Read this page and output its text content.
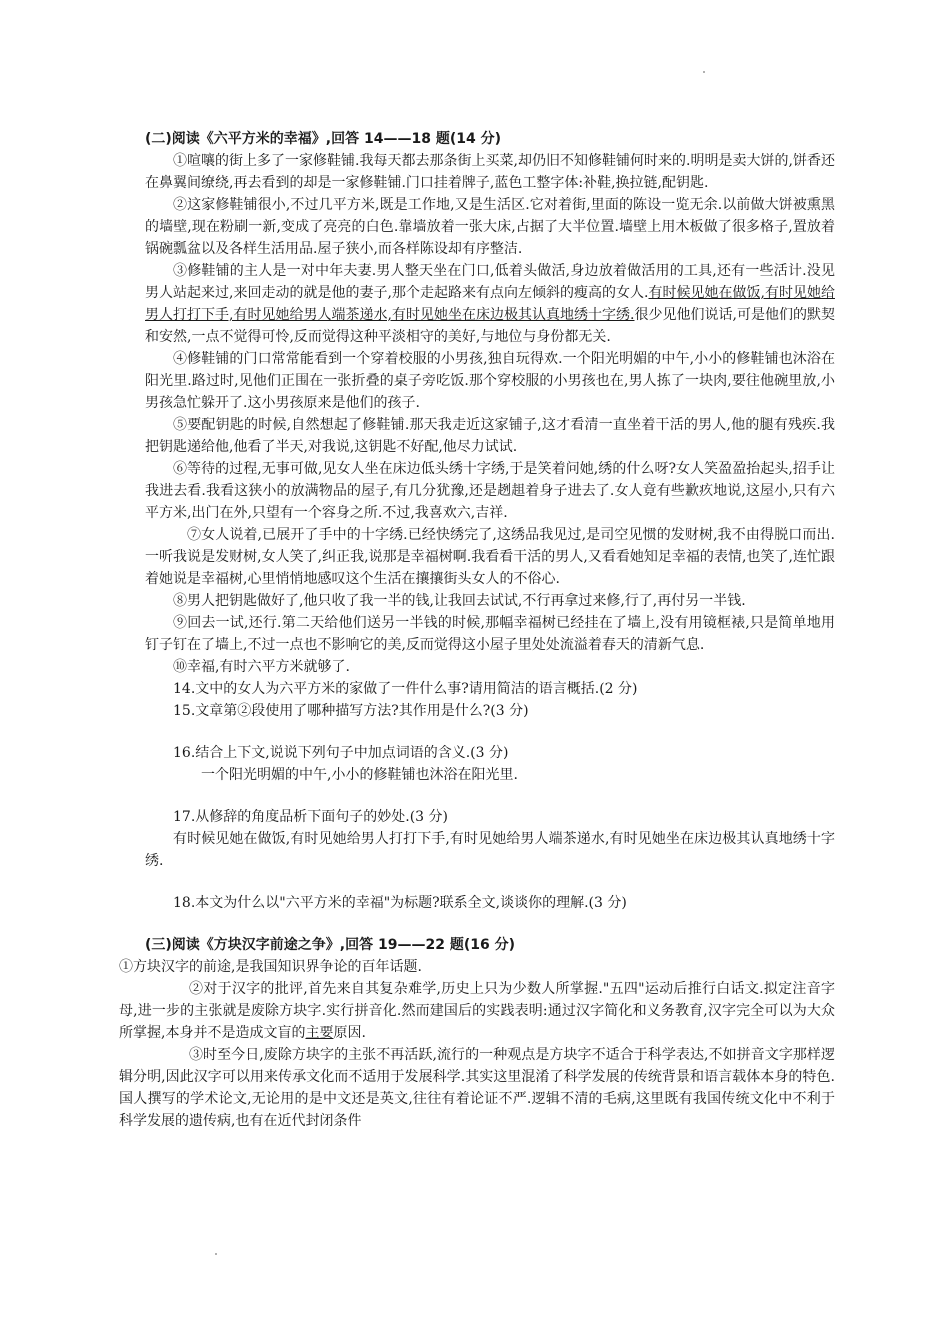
(二)阅读《六平方米的幸福》,回答 14——18 题(14 分)

①喧嚷的街上多了一家修鞋铺.我每天都去那条街上买菜,却仍旧不知修鞋铺何时来的.明明是卖大饼的,饼香还在鼻翼间缭绕,再去看到的却是一家修鞋铺.门口挂着牌子,蓝色工整字体:补鞋,换拉链,配钥匙.

②这家修鞋铺很小,不过几平方米,既是工作地,又是生活区.它对着街,里面的陈设一览无余.以前做大饼被熏黑的墙壁,现在粉刷一新,变成了亮亮的白色.靠墙放着一张大床,占据了大半位置.墙壁上用木板做了很多格子,置放着锅碗瓢盆以及各样生活用品.屋子狭小,而各样陈设却有序整洁.

③修鞋铺的主人是一对中年夫妻.男人整天坐在门口,低着头做活,身边放着做活用的工具,还有一些活计.没见男人站起来过,来回走动的就是他的妻子,那个走起路来有点向左倾斜的瘦高的女人.有时候见她在做饭,有时见她给男人打打下手,有时见她给男人端茶递水,有时见她坐在床边极其认真地绣十字绣.很少见他们说话,可是他们的默契和安然,一点不觉得可怜,反而觉得这种平淡相守的美好,与地位与身份都无关.

④修鞋铺的门口常常能看到一个穿着校服的小男孩,独自玩得欢.一个阳光明媚的中午,小小的修鞋铺也沐浴在阳光里.路过时,见他们正围在一张折叠的桌子旁吃饭.那个穿校服的小男孩也在,男人拣了一块肉,要往他碗里放,小男孩急忙躲开了.这小男孩原来是他们的孩子.

⑤要配钥匙的时候,自然想起了修鞋铺.那天我走近这家铺子,这才看清一直坐着干活的男人,他的腿有残疾.我把钥匙递给他,他看了半天,对我说,这钥匙不好配,他尽力试试.

⑥等待的过程,无事可做,见女人坐在床边低头绣十字绣,于是笑着问她,绣的什么呀?女人笑盈盈抬起头,招手让我进去看.我看这狭小的放满物品的屋子,有几分犹豫,还是趔趄着身子进去了.女人竟有些歉疚地说,这屋小,只有六平方米,出门在外,只望有一个容身之所.不过,我喜欢六,吉祥.

⑦女人说着,已展开了手中的十字绣.已经快绣完了,这绣品我见过,是司空见惯的发财树,我不由得脱口而出.一听我说是发财树,女人笑了,纠正我,说那是幸福树啊.我看看干活的男人,又看看她知足幸福的表情,也笑了,连忙跟着她说是幸福树,心里悄悄地感叹这个生活在攘攘街头女人的不俗心.

⑧男人把钥匙做好了,他只收了我一半的钱,让我回去试试,不行再拿过来修,行了,再付另一半钱.

⑨回去一试,还行.第二天给他们送另一半钱的时候,那幅幸福树已经挂在了墙上,没有用镜框裱,只是简单地用钉子钉在了墙上,不过一点也不影响它的美,反而觉得这小屋子里处处流溢着春天的清新气息.

⑩幸福,有时六平方米就够了.

14.文中的女人为六平方米的家做了一件什么事?请用简洁的语言概括.(2 分)

15.文章第②段使用了哪种描写方法?其作用是什么?(3 分)

16.结合上下文,说说下列句子中加点词语的含义.(3 分)

一个阳光明媚的中午,小小的修鞋铺也沐浴在阳光里.

17.从修辞的角度品析下面句子的妙处.(3 分)

有时候见她在做饭,有时见她给男人打打下手,有时见她给男人端茶递水,有时见她坐在床边极其认真地绣十字绣.

18.本文为什么以"六平方米的幸福"为标题?联系全文,谈谈你的理解.(3 分)

(三)阅读《方块汉字前途之争》,回答 19——22 题(16 分)

①方块汉字的前途,是我国知识界争论的百年话题.

②对于汉字的批评,首先来自其复杂难学,历史上只为少数人所掌握."五四"运动后推行白话文.拟定注音字母,进一步的主张就是废除方块字.实行拼音化.然而建国后的实践表明:通过汉字简化和义务教育,汉字完全可以为大众所掌握,本身并不是造成文盲的主要原因.

③时至今日,废除方块字的主张不再活跃,流行的一种观点是方块字不适合于科学表达,不如拼音文字那样逻辑分明,因此汉字可以用来传承文化而不适用于发展科学.其实这里混淆了科学发展的传统背景和语言载体本身的特色.国人撰写的学术论文,无论用的是中文还是英文,往往有着论证不严.逻辑不清的毛病,这里既有我国传统文化中不利于科学发展的遗传病,也有在近代封闭条件
